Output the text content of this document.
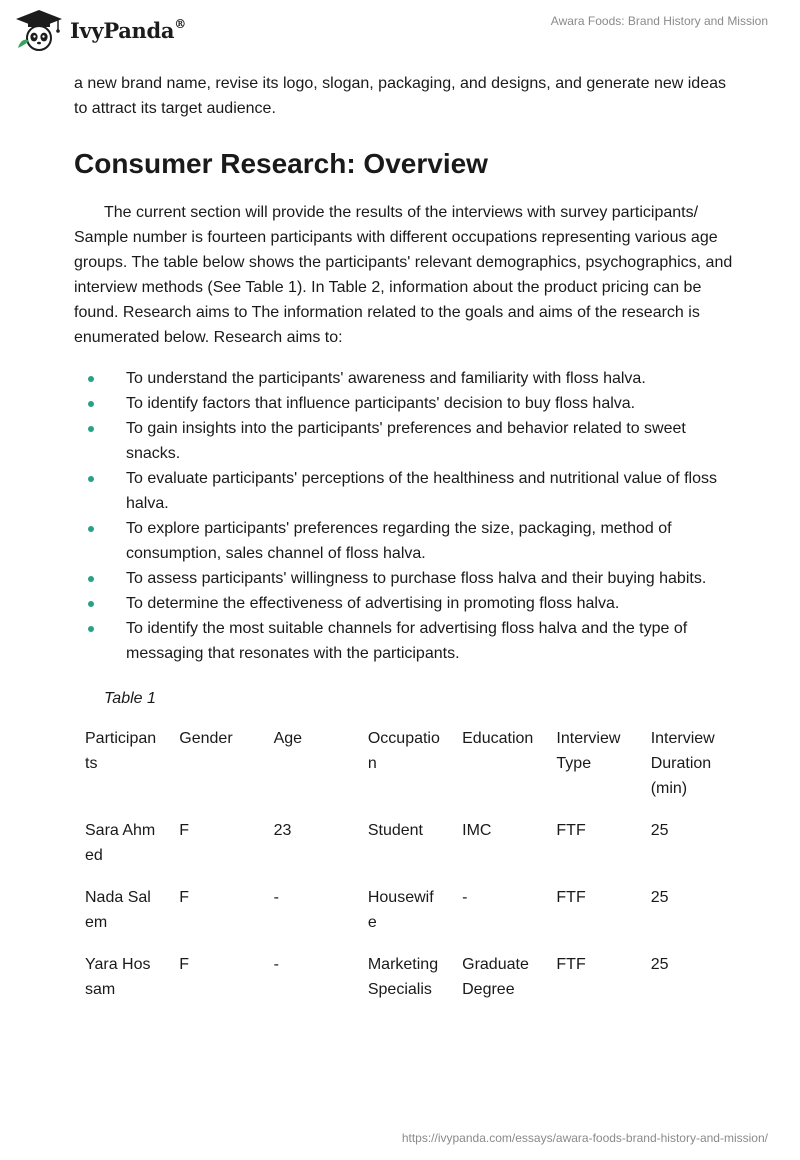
IvyPanda®	Awara Foods: Brand History and Mission

a new brand name, revise its logo, slogan, packaging, and designs, and generate new ideas to attract its target audience.

Consumer Research: Overview

The current section will provide the results of the interviews with survey participants/ Sample number is fourteen participants with different occupations representing various age groups. The table below shows the participants' relevant demographics, psychographics, and interview methods (See Table 1). In Table 2, information about the product pricing can be found. Research aims to The information related to the goals and aims of the research is enumerated below. Research aims to:

To understand the participants' awareness and familiarity with floss halva.
To identify factors that influence participants' decision to buy floss halva.
To gain insights into the participants' preferences and behavior related to sweet snacks.
To evaluate participants' perceptions of the healthiness and nutritional value of floss halva.
To explore participants' preferences regarding the size, packaging, method of consumption, sales channel of floss halva.
To assess participants' willingness to purchase floss halva and their buying habits.
To determine the effectiveness of advertising in promoting floss halva.
To identify the most suitable channels for advertising floss halva and the type of messaging that resonates with the participants.

Table 1

Participants	Gender	Age	Occupation	Education	Interview Type	Interview Duration (min)
Sara Ahmed	F	23	Student	IMC	FTF	25
Nada Salem	F	-	Housewife	-	FTF	25
Yara Hossam	F	-	Marketing Specialis	Graduate Degree	FTF	25
https://ivypanda.com/essays/awara-foods-brand-history-and-mission/
